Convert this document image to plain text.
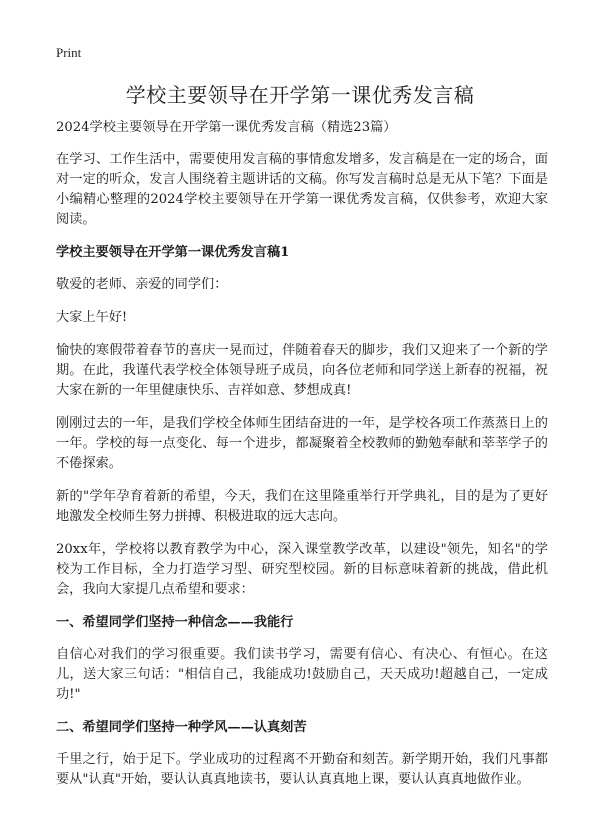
Print
学校主要领导在开学第一课优秀发言稿

2024学校主要领导在开学第一课优秀发言稿（精选23篇）

在学习、工作生活中，需要使用发言稿的事情愈发增多，发言稿是在一定的场合，面对一定的听众，发言人围绕着主题讲话的文稿。你写发言稿时总是无从下笔？下面是小编精心整理的2024学校主要领导在开学第一课优秀发言稿，仅供参考，欢迎大家阅读。

学校主要领导在开学第一课优秀发言稿1

敬爱的老师、亲爱的同学们：

大家上午好!

愉快的寒假带着春节的喜庆一晃而过，伴随着春天的脚步，我们又迎来了一个新的学期。在此，我谨代表学校全体领导班子成员，向各位老师和同学送上新春的祝福，祝大家在新的一年里健康快乐、吉祥如意、梦想成真!

刚刚过去的一年，是我们学校全体师生团结奋进的一年，是学校各项工作蒸蒸日上的一年。学校的每一点变化、每一个进步，都凝聚着全校教师的勤勉奉献和莘莘学子的不倦探索。

新的"学年孕育着新的希望，今天，我们在这里隆重举行开学典礼，目的是为了更好地激发全校师生努力拼搏、积极进取的远大志向。

20xx年，学校将以教育教学为中心，深入课堂教学改革，以建设"领先，知名"的学校为工作目标，全力打造学习型、研究型校园。新的目标意味着新的挑战，借此机会，我向大家提几点希望和要求：

一、希望同学们坚持一种信念——我能行

自信心对我们的学习很重要。我们读书学习，需要有信心、有决心、有恒心。在这儿，送大家三句话："相信自己，我能成功!鼓励自己，天天成功!超越自己，一定成功!"

二、希望同学们坚持一种学风——认真刻苦

千里之行，始于足下。学业成功的过程离不开勤奋和刻苦。新学期开始，我们凡事都要从"认真"开始，要认认真真地读书，要认认真真地上课，要认认真真地做作业。
